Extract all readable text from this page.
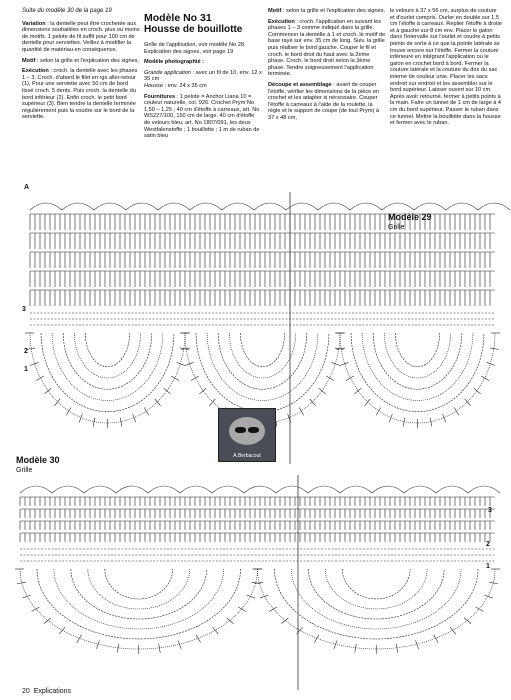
Suite du modèle 30 de la page 19

Variation : la dentelle peut être crochetée aux dimensions souhaitées en croch. plus ou moins de motifs. 1 pelote de fil suffit pour 100 cm de dentelle pour serviettes. Veillez à modifier la quantité de matériau en conséquence.

Motif : selon la grille et l'explication des signes.

Exécution : croch. la dentelle avec les phases 1 – 3. Croch. d'abord le filet en rgs aller-retour (1). Pour une serviette avec 50 cm de bord tissé croch. 5 dents. Puis croch. la dentelle du bord inférieur (2). Enfin croch. le petit bord supérieur (3). Bien tendre la dentelle terminée régulièrement puis la coudre sur le bord de la serviette.

Modèle No 31
Housse de bouillotte

Grille de l'application, voir modèle No 28. Explication des signes, voir page 19

Modèle photographié :

Grande application : avec un fil de 10, env. 12 x 35 cm
Housse : env. 24 x 35 cm

Fournitures : 1 pelote = Anchor Liana 10 = couleur naturelle, col. 926. Crochet Prym No 1,50 – 1,25 ; 40 cm d'étoffe à carreaux, art. No WS227/100, 150 cm de large. 40 cm d'étoffe de velours bleu, art. No 1807/091, les deux Westfalenstoffe ; 1 bouillotte ; 1 m de ruban de satin bleu

Motif : selon la grille et l'explication des signes.

Exécution : croch. l'application en suivant les phases 1 – 3 comme indiqué dans la grille. Commencer la dentelle à 1 et croch. le motif de base rayé sur env. 35 cm de long. Suiv. la grille puis réaliser le bord gauche. Couper le fil et croch. le bord droit du haut avec la 2ème phase. Croch. le bord droit selon la 3ème phase. Tendre soigneusement l'application terminée.

Découpe et assemblage : avant de couper l'étoffe, vérifier les dimensions de la pièce en crochet et les adapter si nécessaire. Couper l'étoffe à carreaux à l'aide de la roulette, la règle et le support de coupe (de tout Prym) à 37 x 48 cm,

le velours à 37 x 56 cm, surplus de couture et d'ourlet compris. Ourler en double sur 1,5 cm l'étoffe à carreaux. Replier l'étoffe à droite et à gauche sur 8 cm env. Placer le galon dans l'intervalle sur l'ourlet et coudre à petits points de sorte à ce que la pointe latérale se trouve encore sur l'étoffe. Fermer la couture inférieure en intégrant l'application ou le galon en crochet bord à bord. Fermer la couture latérale et la couture du dos du sac interne de couleur unie. Placer les sacs endroit sur endroit et les assembler sur le bord supérieur. Laisser ouvert sur 10 cm. Après avoir retourné, fermer à petits points à la main. Faire un tunnel de 1 cm de large à 4 cm du bord supérieur. Passer le ruban dans ce tunnel. Mettre la bouillotte dans la housse et fermer avec le ruban.

Modèle 29
Grille
A
3
2
1
A.Berbacout
Modèle 30
Grille
3
2
1
20 Explications
